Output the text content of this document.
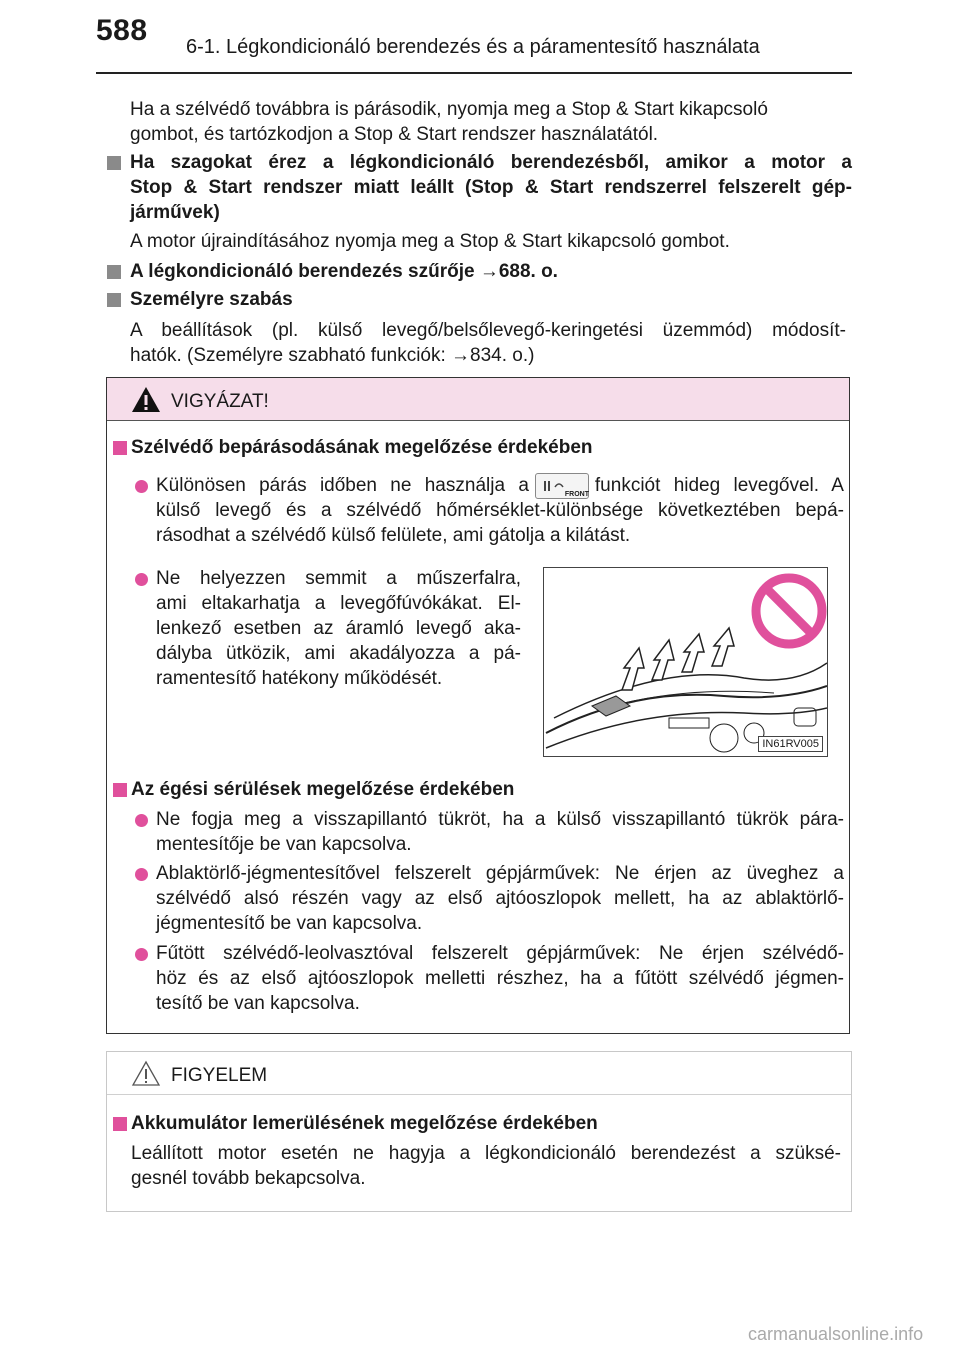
588 6-1. Légkondicionáló berendezés és a páramentesítő használata
Ha a szélvédő továbbra is párásodik, nyomja meg a Stop & Start kikapcsoló
gombot, és tartózkodjon a Stop & Start rendszer használatától.
Ha szagokat érez a légkondicionáló berendezésből, amikor a motor a
Stop & Start rendszer miatt leállt (Stop & Start rendszerrel felszerelt gép-
járművek)
A motor újraindításához nyomja meg a Stop & Start kikapcsoló gombot.
A légkondicionáló berendezés szűrője →688. o.
Személyre szabás
A beállítások (pl. külső levegő/belsőlevegő-keringetési üzemmód) módosít-
hatók. (Személyre szabható funkciók: →834. o.)
VIGYÁZAT!
Szélvédő bepárásodásának megelőzése érdekében
Különösen párás időben ne használja a	FRONT funkciót hideg levegővel. A
külső levegő és a szélvédő hőmérséklet-különbsége következtében bepá-
rásodhat a szélvédő külső felülete, ami gátolja a kilátást.
Ne helyezzen semmit a műszerfalra,
ami eltakarhatja a levegőfúvókákat. El-
lenkező esetben az áramló levegő aka-
dályba ütközik, ami akadályozza a pá-
ramentesítő hatékony működését.
Az égési sérülések megelőzése érdekében
Ne fogja meg a visszapillantó tükröt, ha a külső visszapillantó tükrök pára-
mentesítője be van kapcsolva.
Ablaktörlő-jégmentesítővel felszerelt gépjárművek: Ne érjen az üveghez a
szélvédő alsó részén vagy az első ajtóoszlopok mellett, ha az ablaktörlő-
jégmentesítő be van kapcsolva.
Fűtött szélvédő-leolvasztóval felszerelt gépjárművek: Ne érjen szélvédő-
höz és az első ajtóoszlopok melletti részhez, ha a fűtött szélvédő jégmen-
tesítő be van kapcsolva.
IN61RV005
FIGYELEM
Akkumulátor lemerülésének megelőzése érdekében
Leállított motor esetén ne hagyja a légkondicionáló berendezést a szüksé-
gesnél tovább bekapcsolva.
carmanualsonline.info
